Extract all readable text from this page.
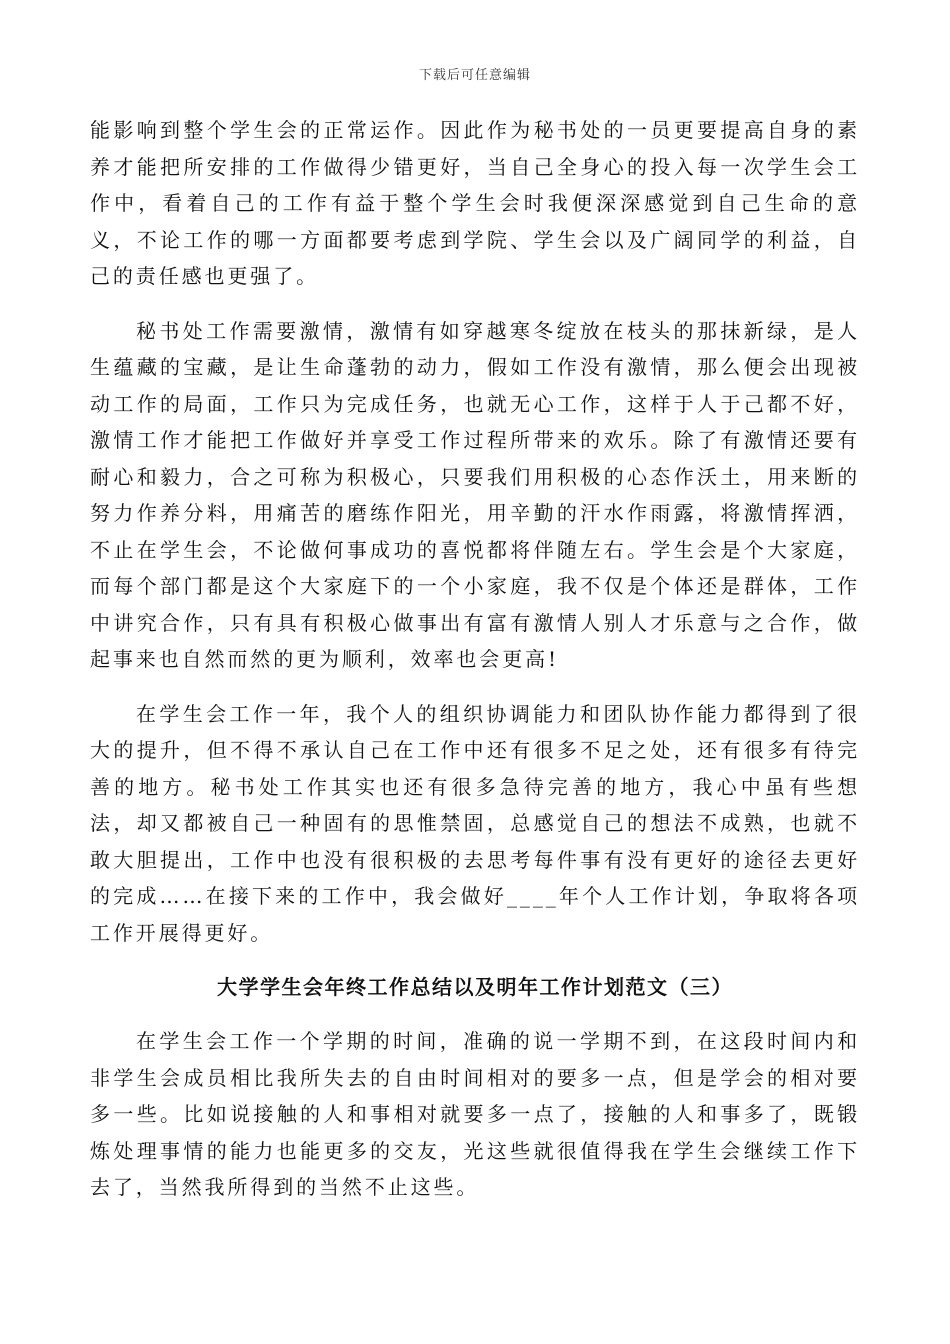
下载后可任意编辑

能影响到整个学生会的正常运作。因此作为秘书处的一员更要提高自身的素养才能把所安排的工作做得少错更好，当自己全身心的投入每一次学生会工作中，看着自己的工作有益于整个学生会时我便深深感觉到自己生命的意义，不论工作的哪一方面都要考虑到学院、学生会以及广阔同学的利益，自己的责任感也更强了。

秘书处工作需要激情，激情有如穿越寒冬绽放在枝头的那抹新绿，是人生蕴藏的宝藏，是让生命蓬勃的动力，假如工作没有激情，那么便会出现被动工作的局面，工作只为完成任务，也就无心工作，这样于人于己都不好，激情工作才能把工作做好并享受工作过程所带来的欢乐。除了有激情还要有耐心和毅力，合之可称为积极心，只要我们用积极的心态作沃土，用来断的努力作养分料，用痛苦的磨练作阳光，用辛勤的汗水作雨露，将激情挥洒，不止在学生会，不论做何事成功的喜悦都将伴随左右。学生会是个大家庭，而每个部门都是这个大家庭下的一个小家庭，我不仅是个体还是群体，工作中讲究合作，只有具有积极心做事出有富有激情人别人才乐意与之合作，做起事来也自然而然的更为顺利，效率也会更高!

在学生会工作一年，我个人的组织协调能力和团队协作能力都得到了很大的提升，但不得不承认自己在工作中还有很多不足之处，还有很多有待完善的地方。秘书处工作其实也还有很多急待完善的地方，我心中虽有些想法，却又都被自己一种固有的思惟禁固，总感觉自己的想法不成熟，也就不敢大胆提出，工作中也没有很积极的去思考每件事有没有更好的途径去更好的完成……在接下来的工作中，我会做好____年个人工作计划，争取将各项工作开展得更好。

大学学生会年终工作总结以及明年工作计划范文（三）

在学生会工作一个学期的时间，准确的说一学期不到，在这段时间内和非学生会成员相比我所失去的自由时间相对的要多一点，但是学会的相对要多一些。比如说接触的人和事相对就要多一点了，接触的人和事多了，既锻炼处理事情的能力也能更多的交友，光这些就很值得我在学生会继续工作下去了，当然我所得到的当然不止这些。
